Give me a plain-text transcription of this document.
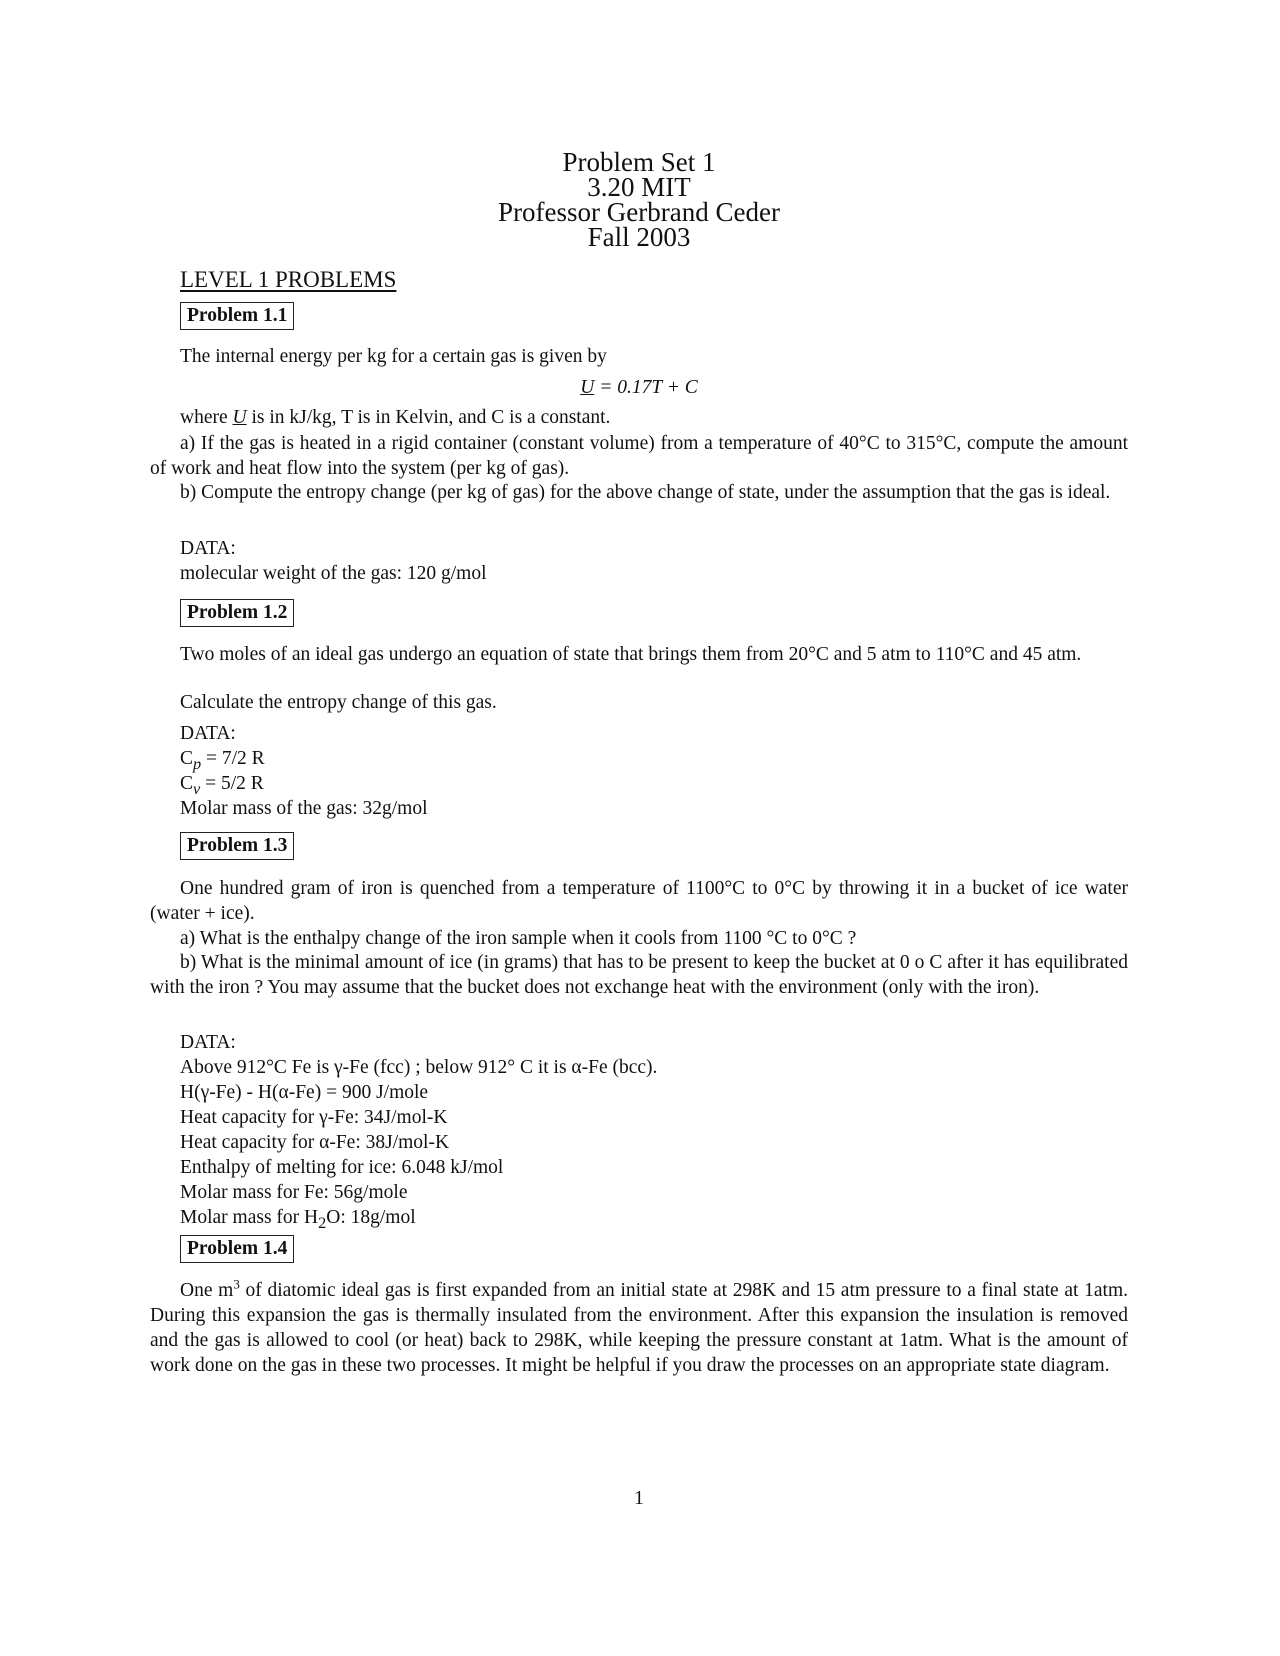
Problem Set 1
3.20 MIT
Professor Gerbrand Ceder
Fall 2003
LEVEL 1 PROBLEMS
Problem 1.1
The internal energy per kg for a certain gas is given by
U = 0.17T + C
where U is in kJ/kg, T is in Kelvin, and C is a constant.
a) If the gas is heated in a rigid container (constant volume) from a temperature of 40°C to 315°C, compute the amount of work and heat flow into the system (per kg of gas).
b) Compute the entropy change (per kg of gas) for the above change of state, under the assumption that the gas is ideal.
DATA:
molecular weight of the gas: 120 g/mol
Problem 1.2
Two moles of an ideal gas undergo an equation of state that brings them from 20°C and 5 atm to 110°C and 45 atm.
Calculate the entropy change of this gas.
DATA:
$C_p = 7/2$ R
$C_v = 5/2$ R
Molar mass of the gas: 32g/mol
Problem 1.3
One hundred gram of iron is quenched from a temperature of 1100°C to 0°C by throwing it in a bucket of ice water (water + ice).
a) What is the enthalpy change of the iron sample when it cools from 1100 °C to 0°C ?
b) What is the minimal amount of ice (in grams) that has to be present to keep the bucket at 0 o C after it has equilibrated with the iron ? You may assume that the bucket does not exchange heat with the environment (only with the iron).
DATA:
Above 912°C Fe is γ-Fe (fcc) ; below 912° C it is α-Fe (bcc).
H(γ-Fe) - H(α-Fe) = 900 J/mole
Heat capacity for γ-Fe: 34J/mol-K
Heat capacity for α-Fe: 38J/mol-K
Enthalpy of melting for ice: 6.048 kJ/mol
Molar mass for Fe: 56g/mole
Molar mass for $H_2O$: 18g/mol
Problem 1.4
One $m^3$ of diatomic ideal gas is first expanded from an initial state at 298K and 15 atm pressure to a final state at 1atm. During this expansion the gas is thermally insulated from the environment. After this expansion the insulation is removed and the gas is allowed to cool (or heat) back to 298K, while keeping the pressure constant at 1atm. What is the amount of work done on the gas in these two processes. It might be helpful if you draw the processes on an appropriate state diagram.
1
